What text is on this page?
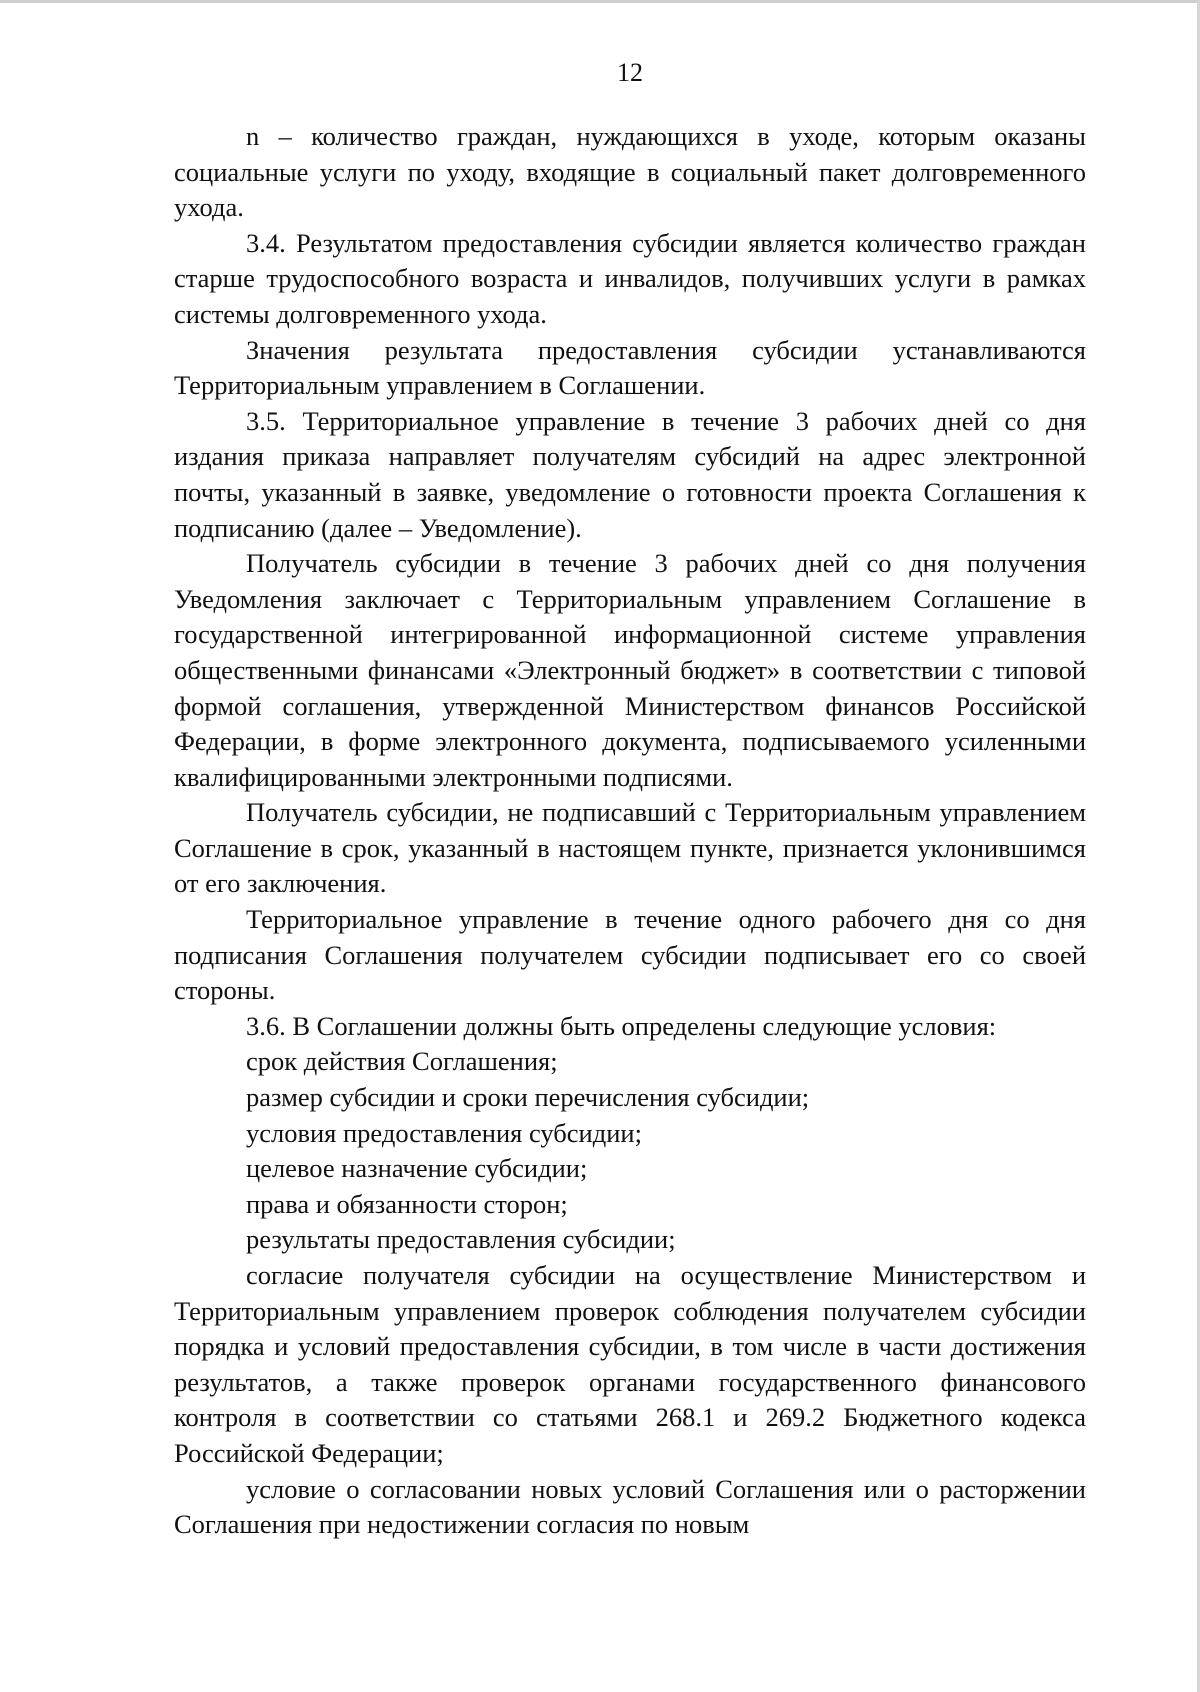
12

n – количество граждан, нуждающихся в уходе, которым оказаны социальные услуги по уходу, входящие в социальный пакет долговременного ухода.

3.4. Результатом предоставления субсидии является количество граждан старше трудоспособного возраста и инвалидов, получивших услуги в рамках системы долговременного ухода.

Значения результата предоставления субсидии устанавливаются Территориальным управлением в Соглашении.

3.5. Территориальное управление в течение 3 рабочих дней со дня издания приказа направляет получателям субсидий на адрес электронной почты, указанный в заявке, уведомление о готовности проекта Соглашения к подписанию (далее – Уведомление).

Получатель субсидии в течение 3 рабочих дней со дня получения Уведомления заключает с Территориальным управлением Соглашение в государственной интегрированной информационной системе управления общественными финансами «Электронный бюджет» в соответствии с типовой формой соглашения, утвержденной Министерством финансов Российской Федерации, в форме электронного документа, подписываемого усиленными квалифицированными электронными подписями.

Получатель субсидии, не подписавший с Территориальным управлением Соглашение в срок, указанный в настоящем пункте, признается уклонившимся от его заключения.

Территориальное управление в течение одного рабочего дня со дня подписания Соглашения получателем субсидии подписывает его со своей стороны.

3.6. В Соглашении должны быть определены следующие условия:

срок действия Соглашения;

размер субсидии и сроки перечисления субсидии;

условия предоставления субсидии;

целевое назначение субсидии;

права и обязанности сторон;

результаты предоставления субсидии;

согласие получателя субсидии на осуществление Министерством и Территориальным управлением проверок соблюдения получателем субсидии порядка и условий предоставления субсидии, в том числе в части достижения результатов, а также проверок органами государственного финансового контроля в соответствии со статьями 268.1 и 269.2 Бюджетного кодекса Российской Федерации;

условие о согласовании новых условий Соглашения или о расторжении Соглашения при недостижении согласия по новым
